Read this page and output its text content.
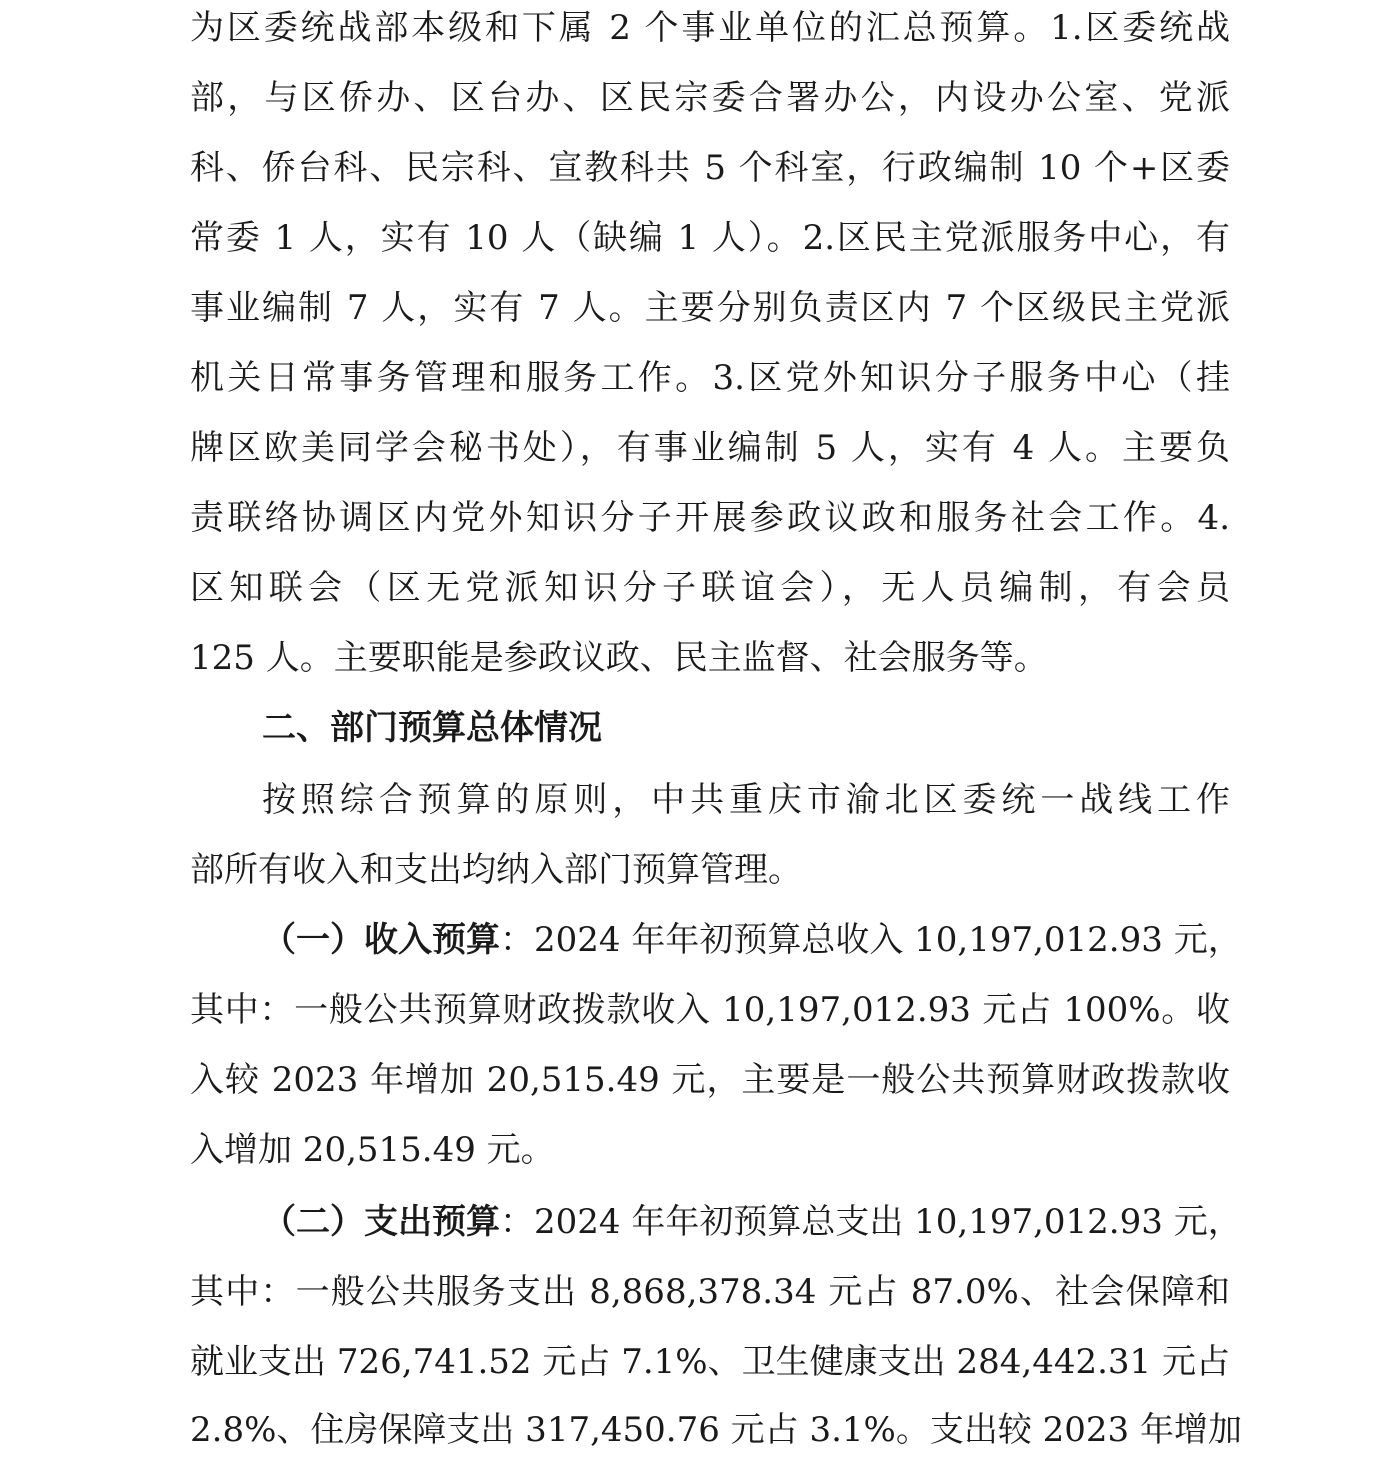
为区委统战部本级和下属 2 个事业单位的汇总预算。1.区委统战
部，与区侨办、区台办、区民宗委合署办公，内设办公室、党派
科、侨台科、民宗科、宣教科共 5 个科室，行政编制 10 个+区委
常委 1 人，实有 10 人（缺编 1 人）。2.区民主党派服务中心，有
事业编制 7 人，实有 7 人。主要分别负责区内 7 个区级民主党派
机关日常事务管理和服务工作。3.区党外知识分子服务中心（挂
牌区欧美同学会秘书处），有事业编制 5 人，实有 4 人。主要负
责联络协调区内党外知识分子开展参政议政和服务社会工作。4.
区知联会（区无党派知识分子联谊会），无人员编制，有会员
125 人。主要职能是参政议政、民主监督、社会服务等。
二、部门预算总体情况
按照综合预算的原则，中共重庆市渝北区委统一战线工作
部所有收入和支出均纳入部门预算管理。
（一）收入预算：2024 年年初预算总收入 10,197,012.93 元，
其中：一般公共预算财政拨款收入 10,197,012.93 元占 100%。收
入较 2023 年增加 20,515.49 元，主要是一般公共预算财政拨款收
入增加 20,515.49 元。
（二）支出预算：2024 年年初预算总支出 10,197,012.93 元，
其中：一般公共服务支出 8,868,378.34 元占 87.0%、社会保障和
就业支出 726,741.52 元占 7.1%、卫生健康支出 284,442.31 元占
2.8%、住房保障支出 317,450.76 元占 3.1%。支出较 2023 年增加
